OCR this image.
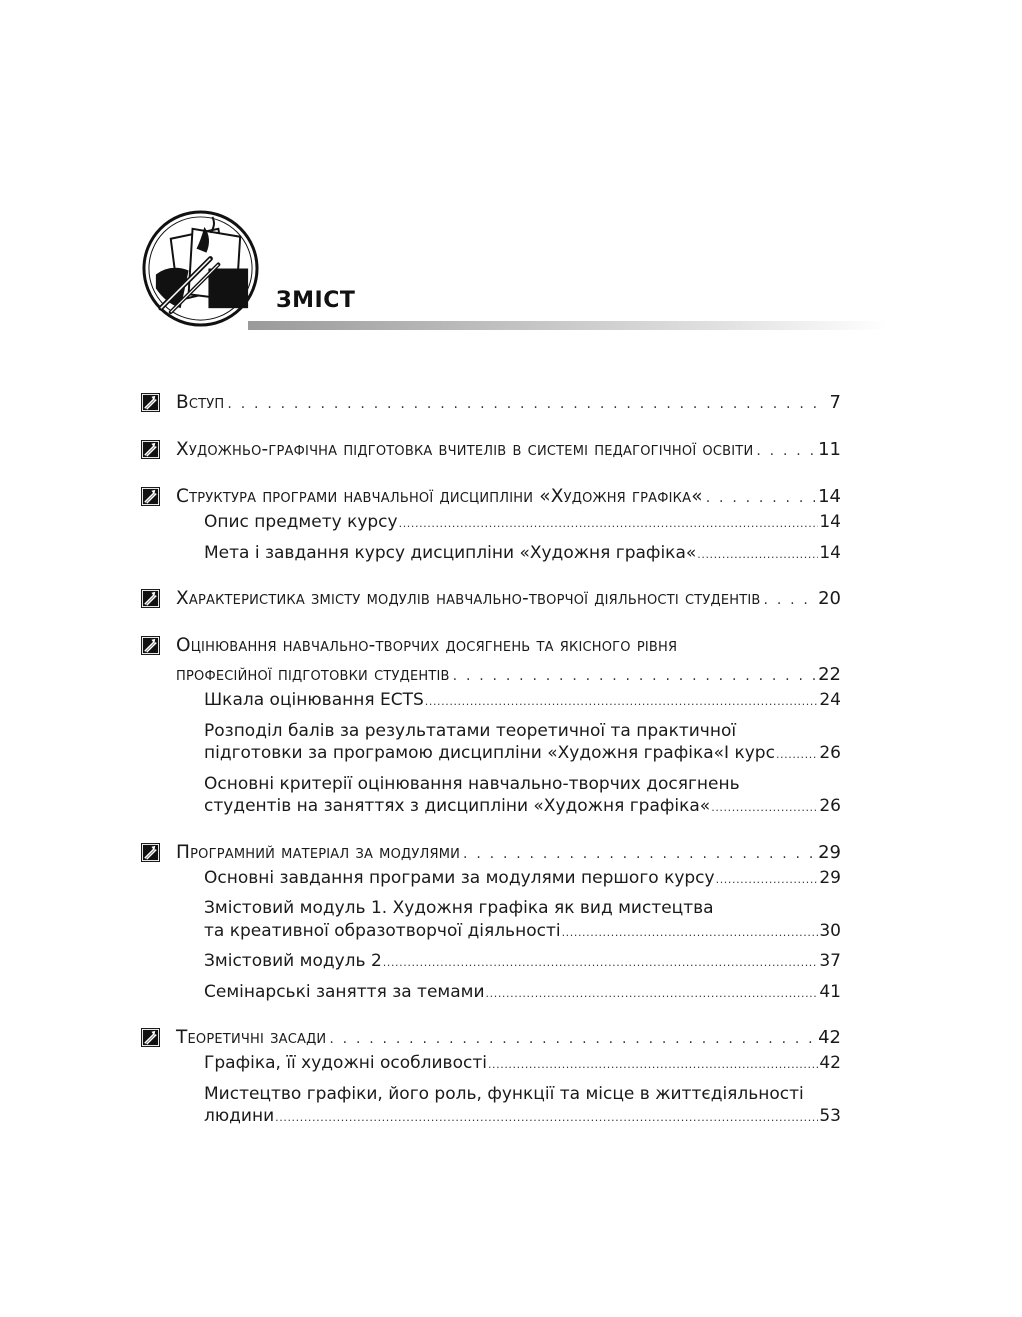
ЗМІСТ
Вступ . . .	7
Художньо-графічна підготовка вчителів в системі педагогічної освіти . . .	11
Структура програми навчальної дисципліни «Художня графіка« . . .	14
Опис предмету курсу .....	14
Мета і завдання курсу дисципліни «Художня графіка« .....	14
Характеристика змісту модулів навчально-творчої діяльності студентів . . .	20
Оцінювання навчально-творчих досягнень та якісного рівня
професійної підготовки студентів . . .	22
Шкала оцінювання ECTS .....	24
Розподіл балів за результатами теоретичної та практичної
підготовки за програмою дисципліни «Художня графіка«І курс .....	26
Основні критерії оцінювання навчально-творчих досягнень
студентів на заняттях з дисципліни «Художня графіка« .....	26
Програмний матеріал за модулями . . .	29
Основні завдання програми за модулями першого курсу .....	29
Змістовий модуль 1. Художня графіка як вид мистецтва
та креативної образотворчої діяльності .....	30
Змістовий модуль 2 .....	37
Семінарські заняття за темами .....	41
Теоретичні засади . . .	42
Графіка, її художні особливості .....	42
Мистецтво графіки, його роль, функції та місце в життєдіяльності
людини .....	53
